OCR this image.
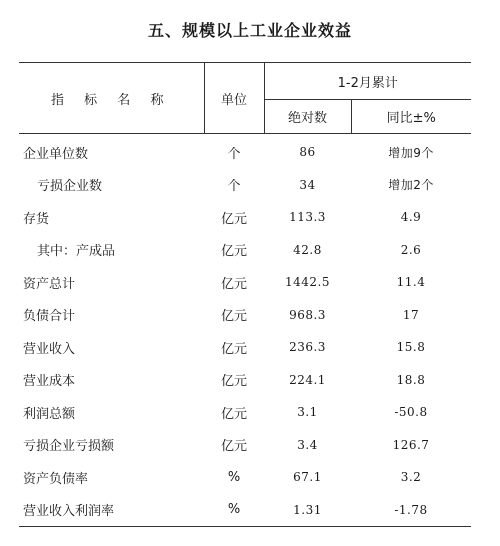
五、规模以上工业企业效益
指 标 名 称	单位	1-2月累计	
		绝对数	同比±%
企业单位数	个	86	增加9个
亏损企业数	个	34	增加2个
存货	亿元	113.3	4.9
其中：产成品	亿元	42.8	2.6
资产总计	亿元	1442.5	11.4
负债合计	亿元	968.3	17
营业收入	亿元	236.3	15.8
营业成本	亿元	224.1	18.8
利润总额	亿元	3.1	-50.8
亏损企业亏损额	亿元	3.4	126.7
资产负债率	%	67.1	3.2
营业收入利润率	%	1.31	-1.78
